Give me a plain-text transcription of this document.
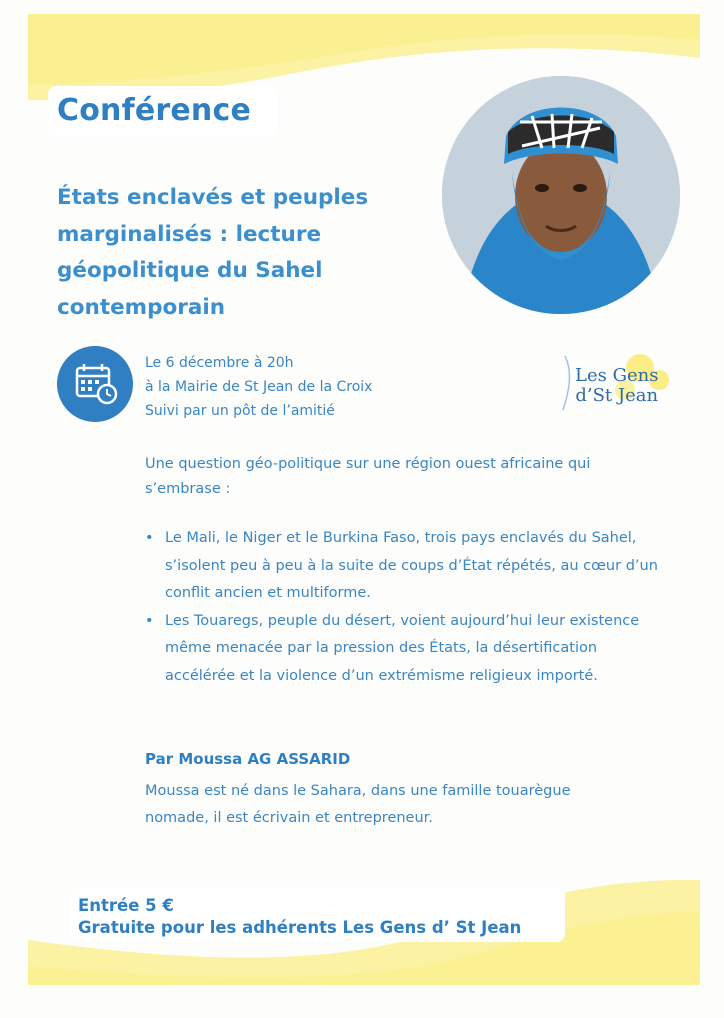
Conférence
États enclavés et peuples marginalisés : lecture géopolitique du Sahel contemporain
Le 6 décembre à 20h
à la Mairie de St Jean de la Croix
Suivi par un pôt de l’amitié
Les Gens
d’St Jean
Une question géo-politique sur une région ouest africaine qui s’embrase :
• Le Mali, le Niger et le Burkina Faso, trois pays enclavés du Sahel, s’isolent peu à peu à la suite de coups d’État répétés, au cœur d’un conflit ancien et multiforme.
• Les Touaregs, peuple du désert, voient aujourd’hui leur existence même menacée par la pression des États, la désertification accélérée et la violence d’un extrémisme religieux importé.
Par Moussa AG ASSARID
Moussa est né dans le Sahara, dans une famille touarègue nomade, il est écrivain et entrepreneur.
Entrée 5 €
Gratuite pour les adhérents Les Gens d’ St Jean
